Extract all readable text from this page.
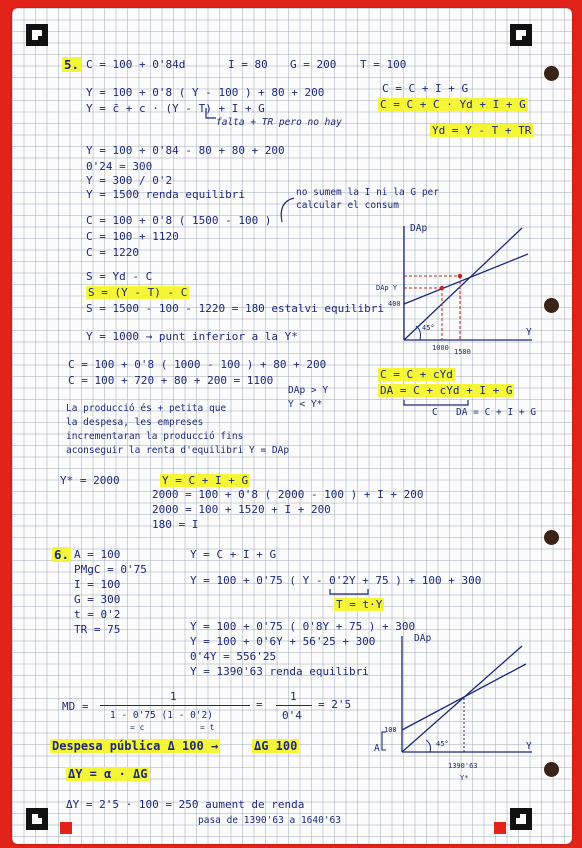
5. C = 100 + 0'84d	I = 80 G = 200 T = 100
Y = 100 + 0'8 ( Y - 100 ) + 80 + 200
Y = c̄ + c · (Y - T) + I + G
falta + TR pero no hay
C = C + I + G
C = C + C · Yd + I + G
Yd = Y - T + TR
Y = 100 + 0'84 - 80 + 80 + 200
0'24 = 300
Y = 300 / 0'2
Y = 1500 renda equilibri	no sumem la I ni la G per calcular el consum
C = 100 + 0'8 ( 1500 - 100 )
C = 100 + 1120
C = 1220
S = Yd - C
S = (Y - T) - C
S = 1500 - 100 - 1220 = 180 estalvi equilibri
Y = 1000 → punt inferior a la Y*
C = 100 + 0'8 ( 1000 - 100 ) + 80 + 200
C = 100 + 720 + 80 + 200 = 1100
DAp > Y
Y < Y*
C = C + cYd
DA = C + cYd + I + G
C DA = C + I + G
La producció és + petita que
la despesa, les empreses
incrementaran la producció fins
aconseguir la renta d'equilibri Y = DAp
Y* = 2000	Y = C + I + G
2000 = 100 + 0'8 ( 2000 - 100 ) + I + 200
2000 = 100 + 1520 + I + 200
180 = I
DAp
Y
DAp Y
400
45°
1000 1500
6. A = 100
PMgC = 0'75
I = 100
G = 300
t = 0'2
TR = 75
Y = C + I + G
Y = 100 + 0'75 ( Y - 0'2Y + 75 ) + 100 + 300
T = t·Y
Y = 100 + 0'75 ( 0'8Y + 75 ) + 300
Y = 100 + 0'6Y + 56'25 + 300
0'4Y = 556'25
Y = 1390'63 renda equilibri
MD =
1
1 - 0'75 (1 - 0'2)
= c	= t
=
1
0'4
= 2'5
Despesa pública Δ 100 →	ΔG 100
ΔY = α · ΔG
ΔY = 2'5 · 100 = 250 aument de renda
pasa de 1390'63 a 1640'63
DAp
Y
100
A	45°
1390'63
Y*
